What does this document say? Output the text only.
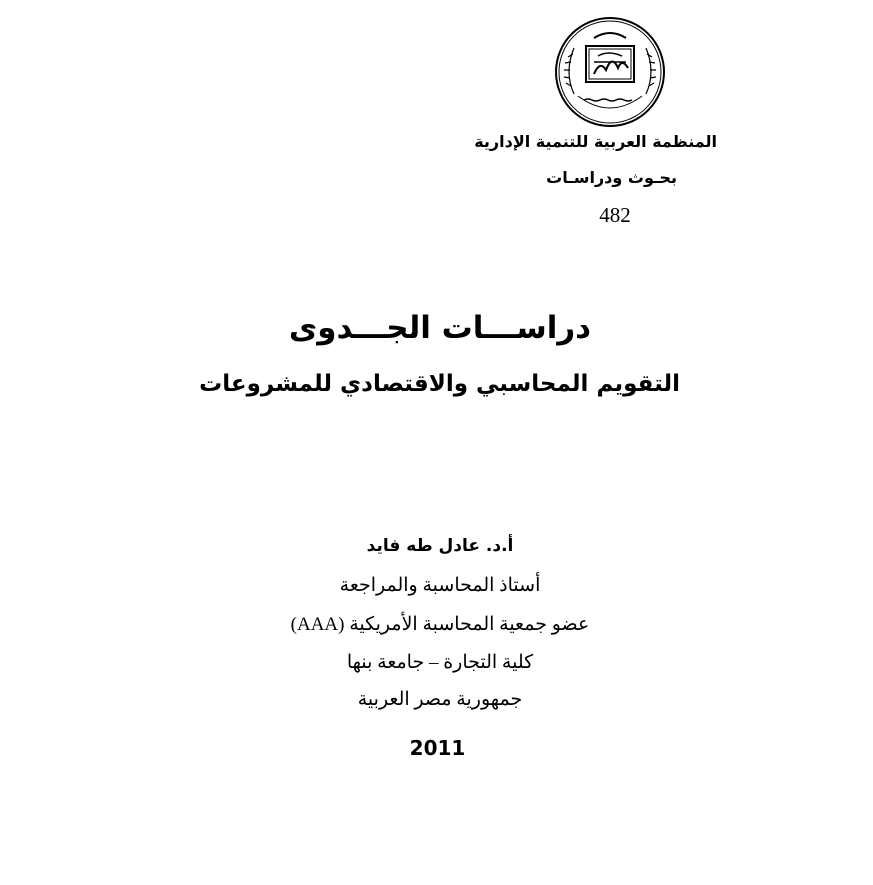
المنظمة العربية للتنمية الإدارية
بحـوث ودراسـات
482
دراســـات الجـــدوى
التقويم المحاسبي والاقتصادي للمشروعات
أ.د. عادل طه فايد
أستاذ المحاسبة والمراجعة
عضو جمعية المحاسبة الأمريكية (AAA)
كلية التجارة – جامعة بنها
جمهورية مصر العربية
2011
